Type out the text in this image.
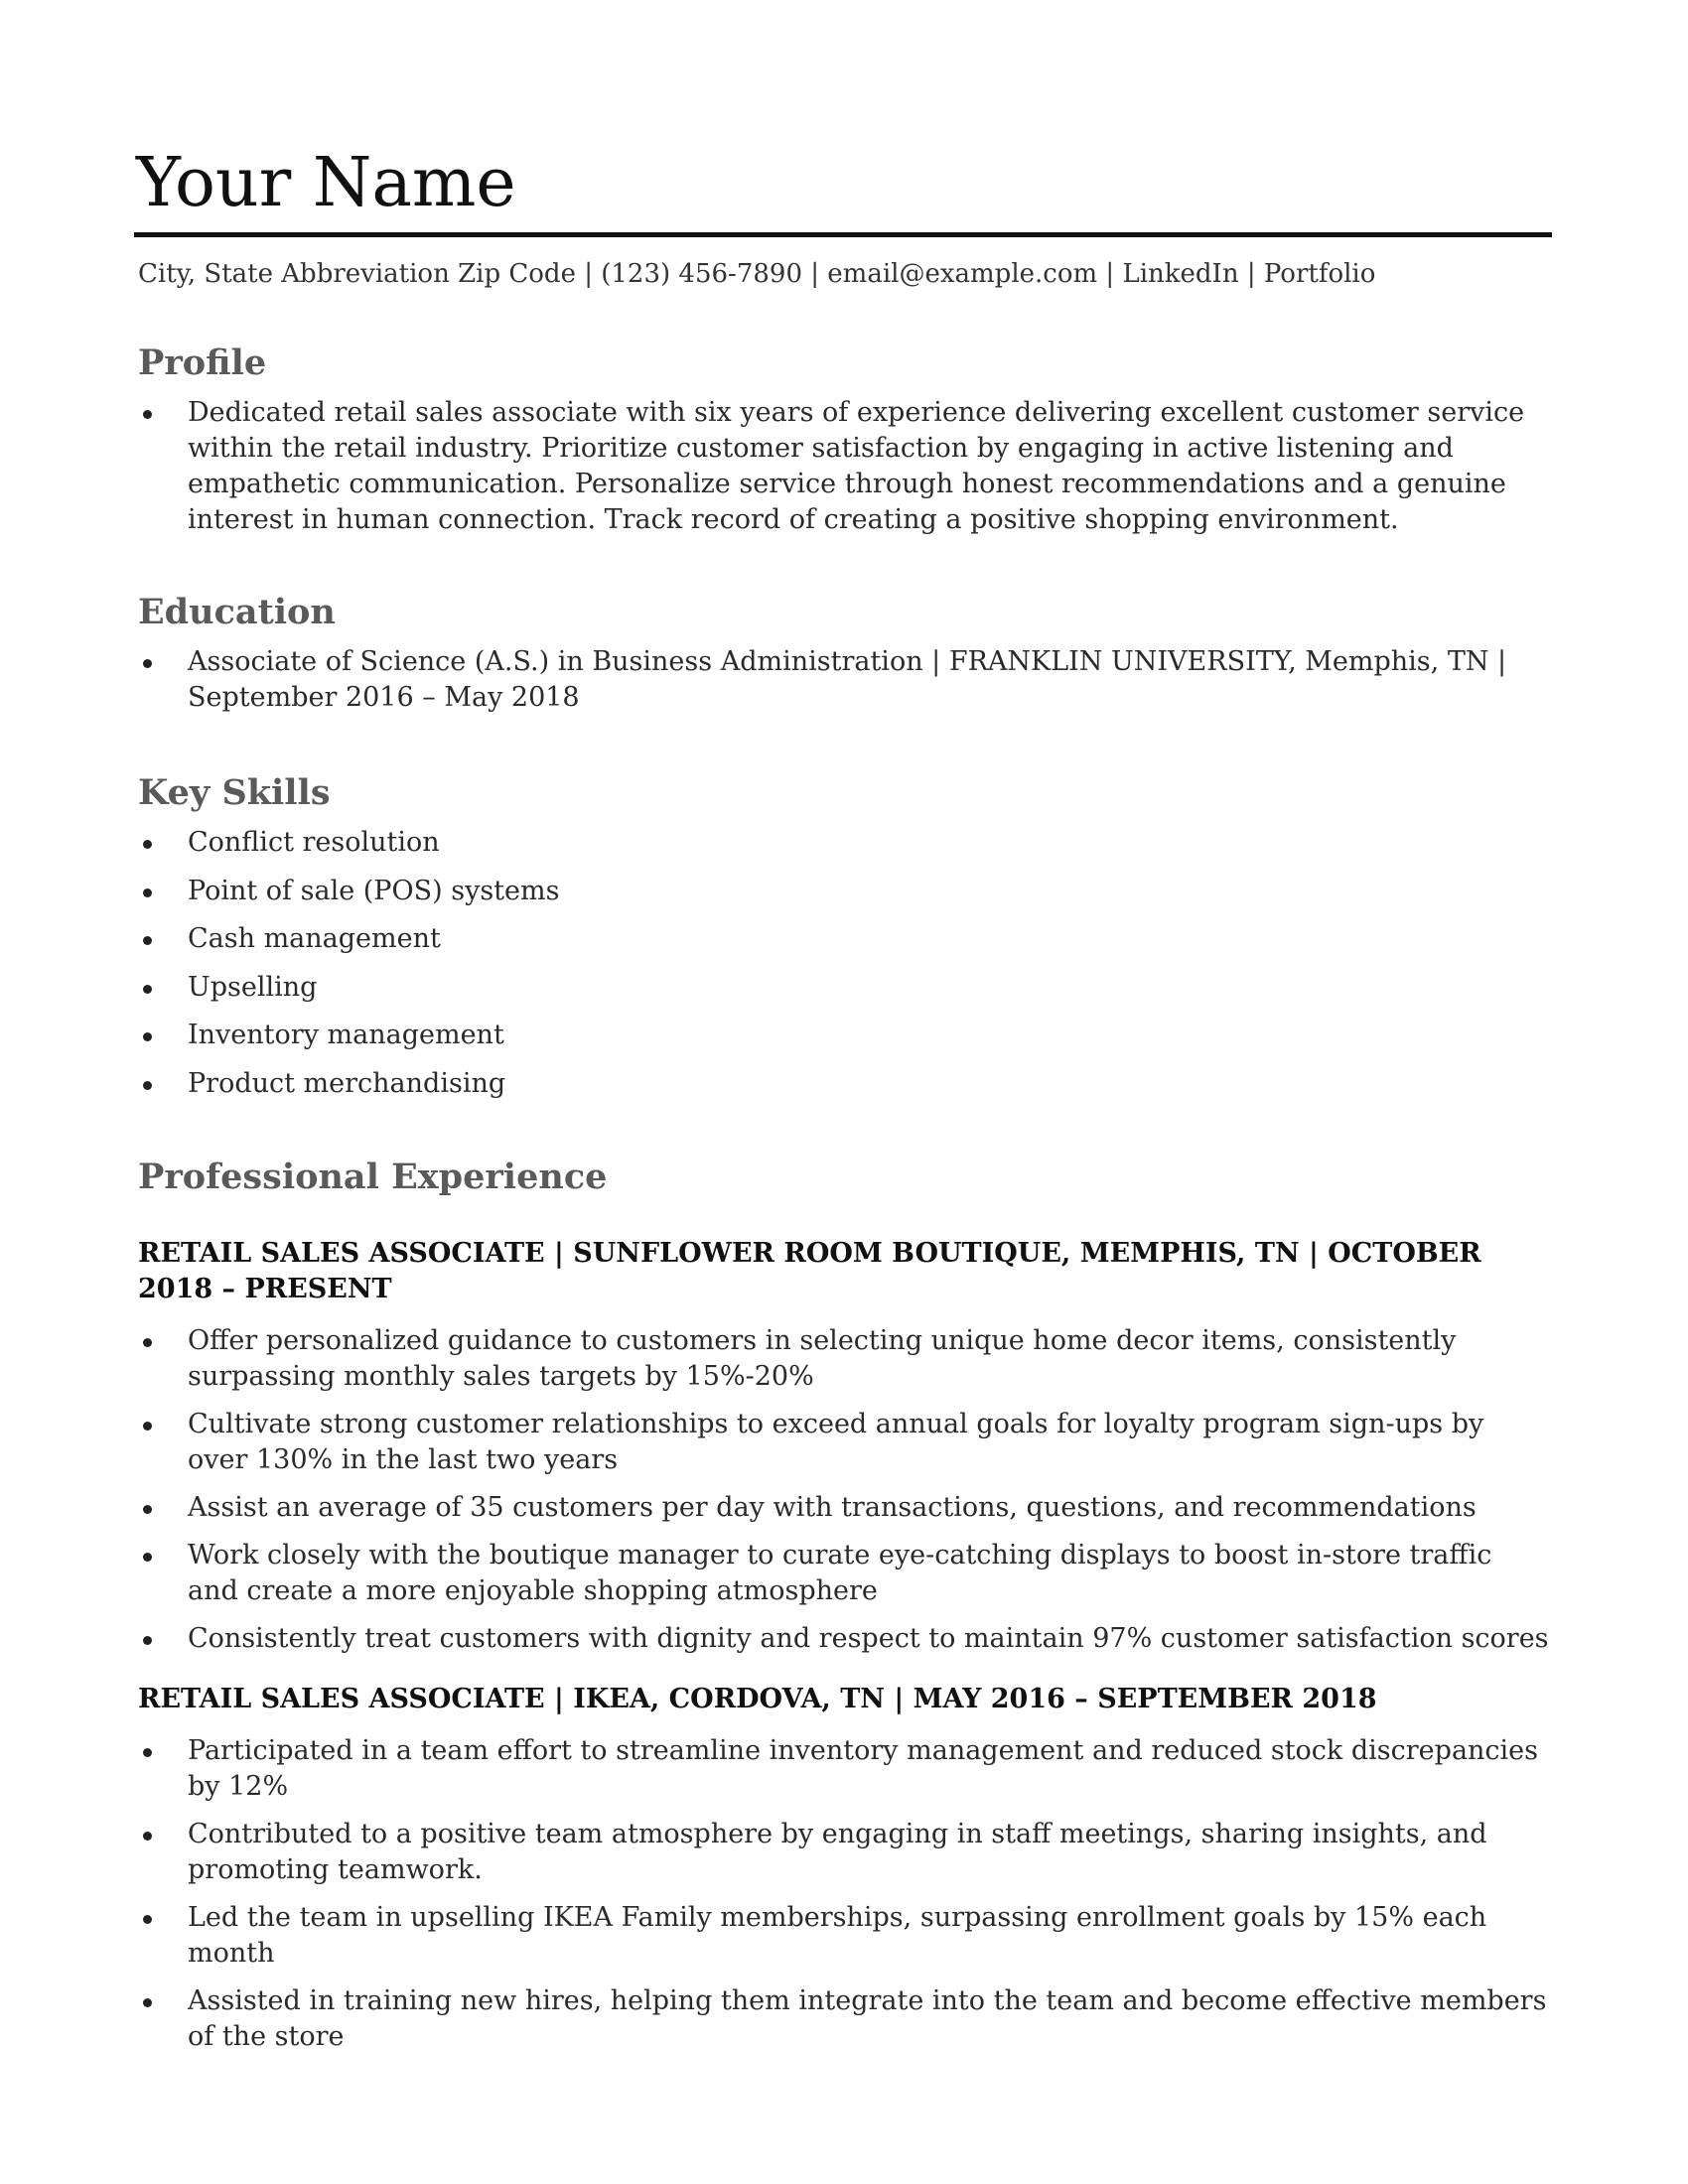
Your Name
City, State Abbreviation Zip Code | (123) 456-7890 | email@example.com | LinkedIn | Portfolio
Profile
Dedicated retail sales associate with six years of experience delivering excellent customer service within the retail industry. Prioritize customer satisfaction by engaging in active listening and empathetic communication. Personalize service through honest recommendations and a genuine interest in human connection. Track record of creating a positive shopping environment.
Education
Associate of Science (A.S.) in Business Administration | FRANKLIN UNIVERSITY, Memphis, TN | September 2016 – May 2018
Key Skills
Conflict resolution
Point of sale (POS) systems
Cash management
Upselling
Inventory management
Product merchandising
Professional Experience
RETAIL SALES ASSOCIATE | SUNFLOWER ROOM BOUTIQUE, MEMPHIS, TN | OCTOBER 2018 – PRESENT
Offer personalized guidance to customers in selecting unique home decor items, consistently surpassing monthly sales targets by 15%-20%
Cultivate strong customer relationships to exceed annual goals for loyalty program sign-ups by over 130% in the last two years
Assist an average of 35 customers per day with transactions, questions, and recommendations
Work closely with the boutique manager to curate eye-catching displays to boost in-store traffic and create a more enjoyable shopping atmosphere
Consistently treat customers with dignity and respect to maintain 97% customer satisfaction scores
RETAIL SALES ASSOCIATE | IKEA, CORDOVA, TN | MAY 2016 – SEPTEMBER 2018
Participated in a team effort to streamline inventory management and reduced stock discrepancies by 12%
Contributed to a positive team atmosphere by engaging in staff meetings, sharing insights, and promoting teamwork.
Led the team in upselling IKEA Family memberships, surpassing enrollment goals by 15% each month
Assisted in training new hires, helping them integrate into the team and become effective members of the store
